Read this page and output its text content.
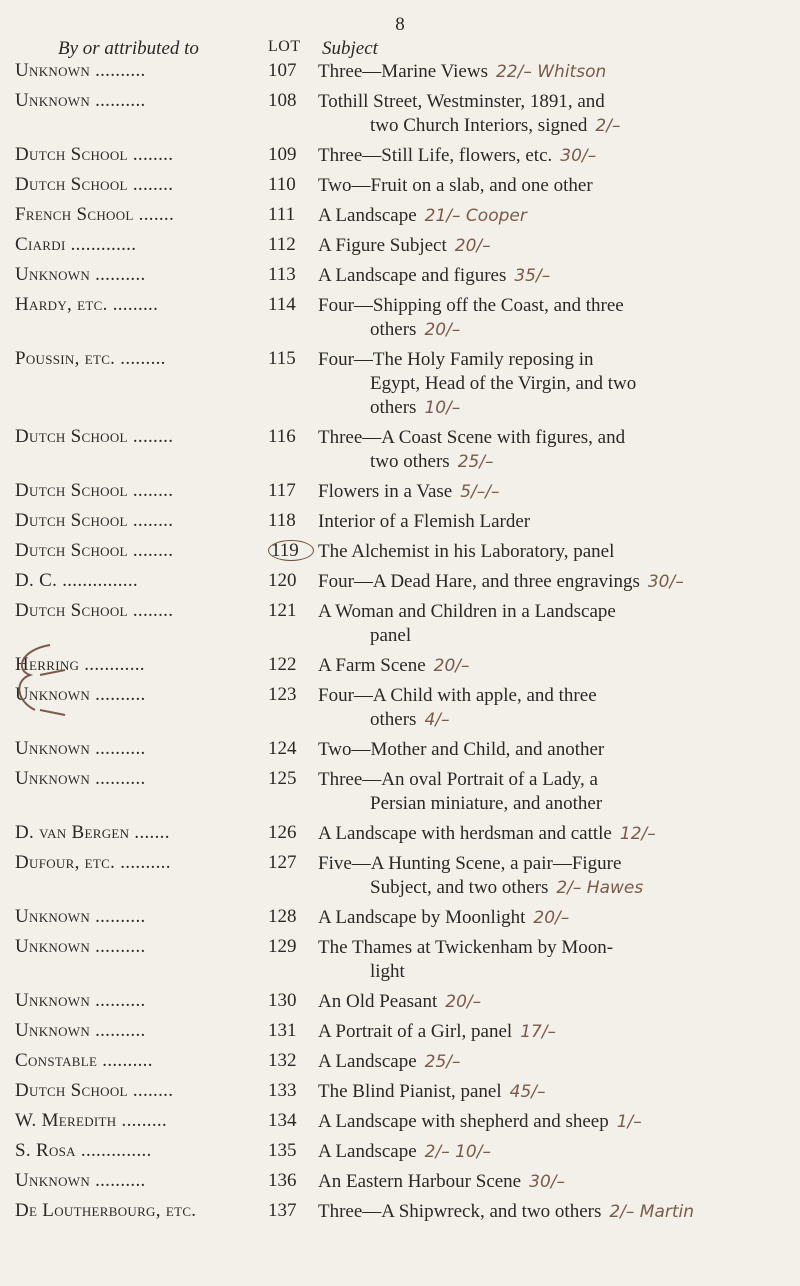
8
By or attributed to	LOT Subject
Unknown ..........	107	Three—Marine Views 22/– Whitson
Unknown ..........	108	Tothill Street, Westminster, 1891, and
two Church Interiors, signed 2/–
Dutch School ........	109	Three—Still Life, flowers, etc. 30/–
Dutch School ........	110	Two—Fruit on a slab, and one other
French School .......	111	A Landscape 21/– Cooper
Ciardi .............	112	A Figure Subject 20/–
Unknown ..........	113	A Landscape and figures 35/–
Hardy, etc. .........	114	Four—Shipping off the Coast, and three
others 20/–
Poussin, etc. .........	115	Four—The Holy Family reposing in
Egypt, Head of the Virgin, and two
others 10/–
Dutch School ........	116	Three—A Coast Scene with figures, and
two others 25/–
Dutch School ........	117	Flowers in a Vase 5/–/–
Dutch School ........	118	Interior of a Flemish Larder
Dutch School ........	119	The Alchemist in his Laboratory, panel
D. C. ...............	120	Four—A Dead Hare, and three engravings 30/–
Dutch School ........	121	A Woman and Children in a Landscape
panel
Herring ............	122	A Farm Scene 20/–
Unknown ..........	123	Four—A Child with apple, and three
others 4/–
Unknown ..........	124	Two—Mother and Child, and another
Unknown ..........	125	Three—An oval Portrait of a Lady, a
Persian miniature, and another
D. van Bergen .......	126	A Landscape with herdsman and cattle 12/–
Dufour, etc. ..........	127	Five—A Hunting Scene, a pair—Figure
Subject, and two others 2/– Hawes
Unknown ..........	128	A Landscape by Moonlight 20/–
Unknown ..........	129	The Thames at Twickenham by Moon-
light
Unknown ..........	130	An Old Peasant 20/–
Unknown ..........	131	A Portrait of a Girl, panel 17/–
Constable ..........	132	A Landscape 25/–
Dutch School ........	133	The Blind Pianist, panel 45/–
W. Meredith .........	134	A Landscape with shepherd and sheep 1/–
S. Rosa ..............	135	A Landscape 2/– 10/–
Unknown ..........	136	An Eastern Harbour Scene 30/–
De Loutherbourg, etc.	137	Three—A Shipwreck, and two others 2/– Martin
